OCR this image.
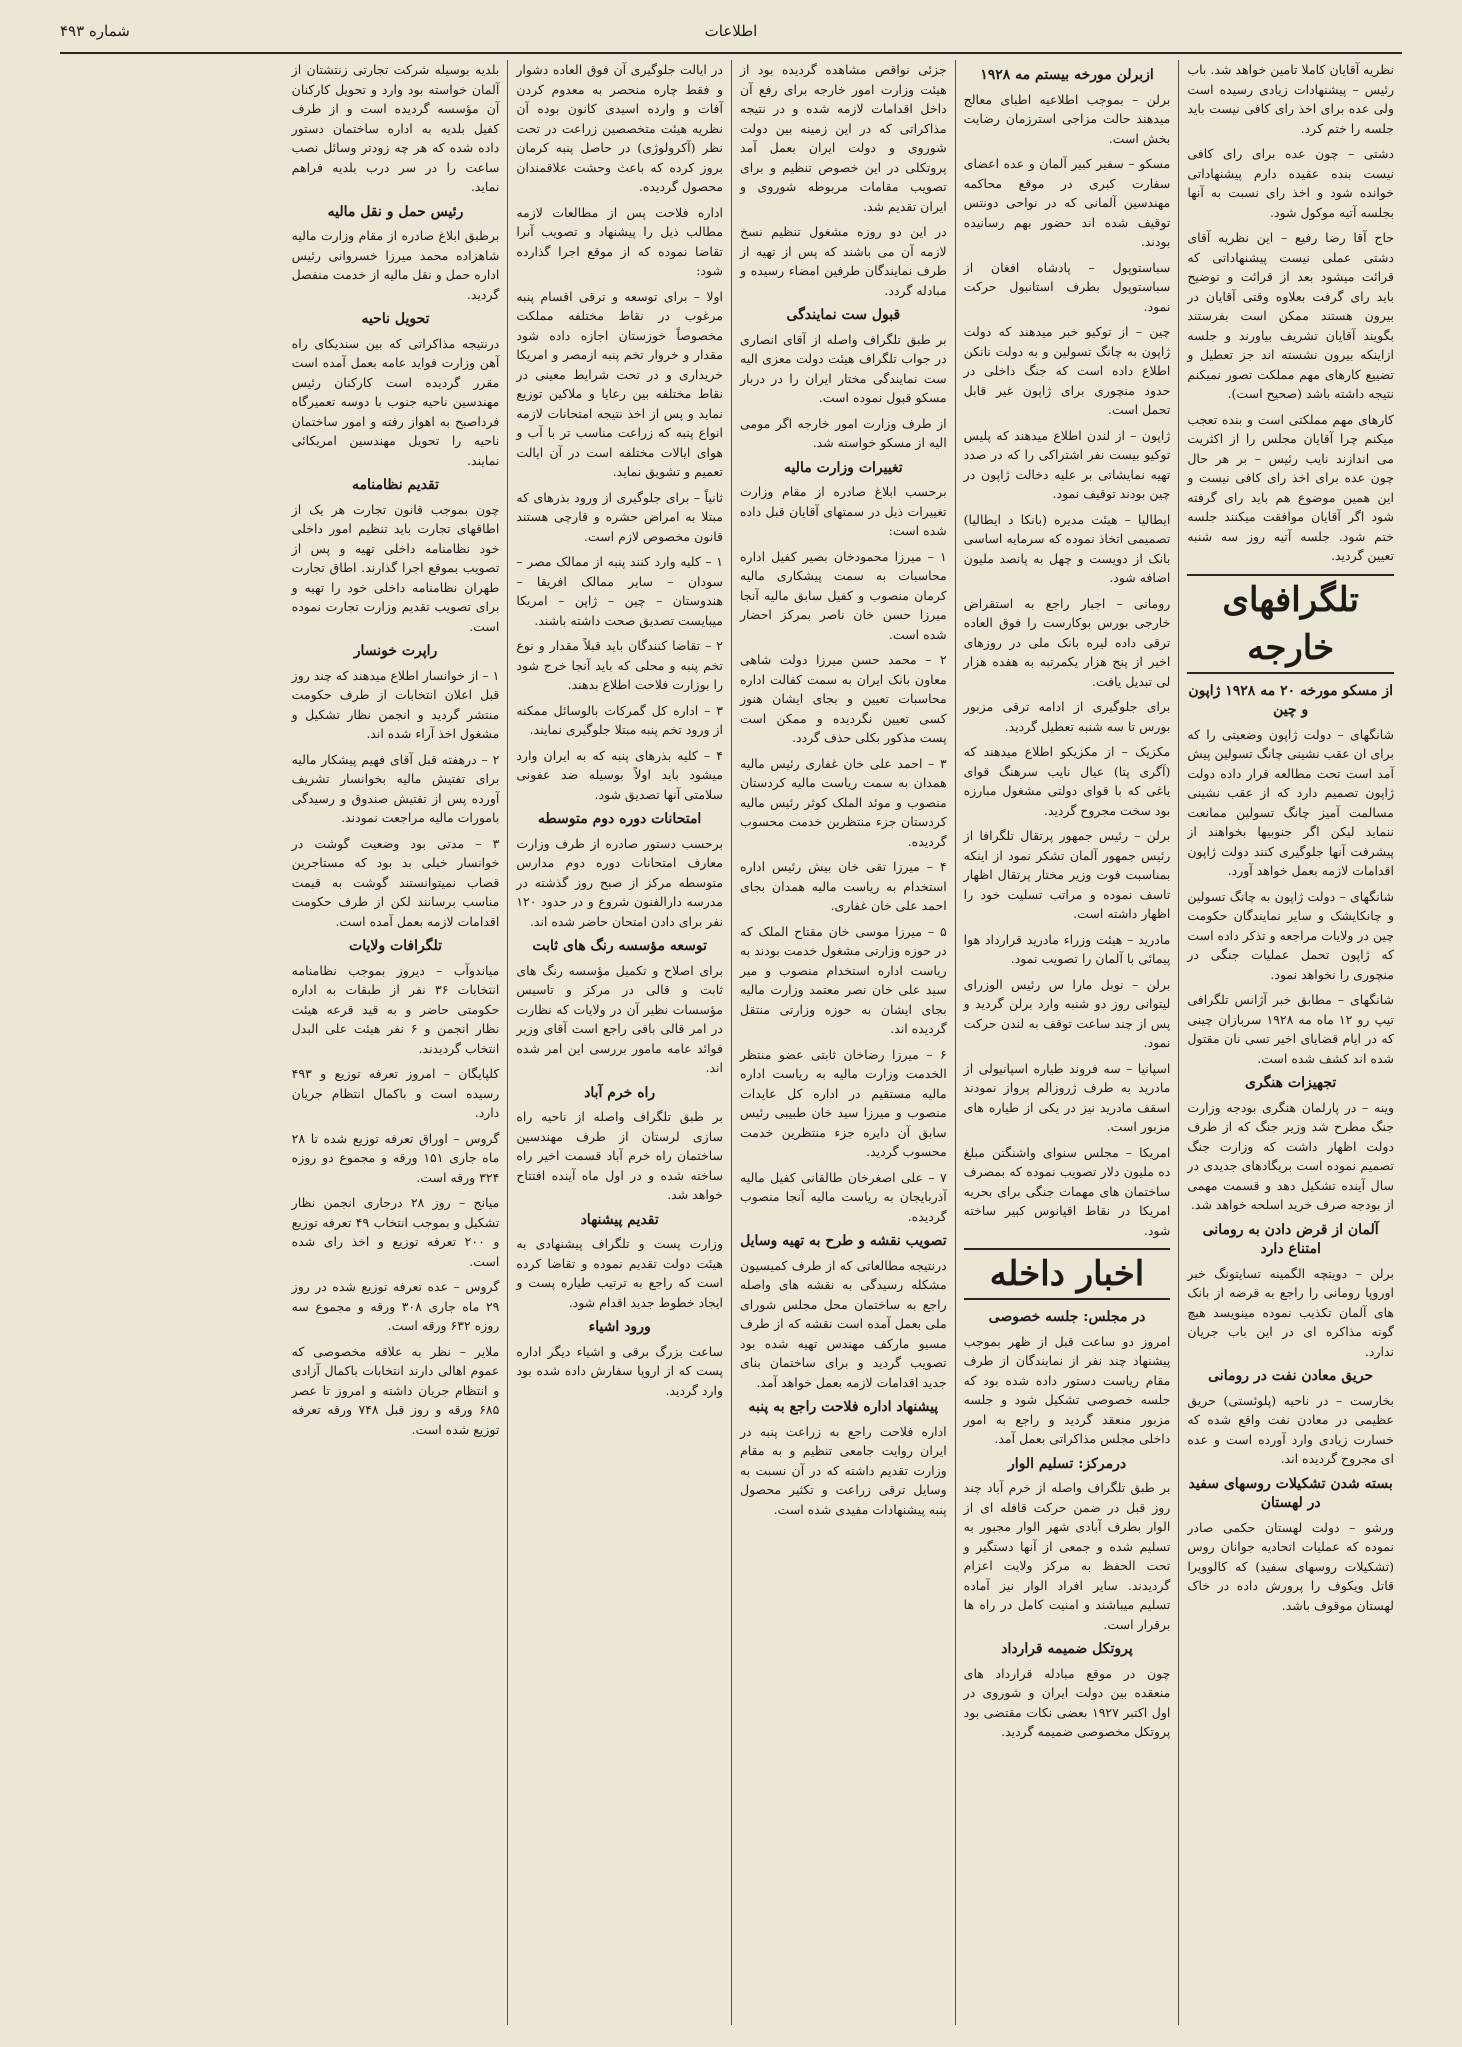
اطلاعات
شماره ۴۹۳

نظریه آقایان کاملا تامین خواهد شد. باب رئیس – پیشنهادات زیادی رسیده است ولی عده برای اخذ رای کافی نیست باید جلسه را ختم کرد.

دشتی – چون عده برای رای کافی نیست بنده عقیده دارم پیشنهاداتی خوانده شود و اخذ رای نسبت به آنها بجلسه آتیه موکول شود.

حاج آقا رضا رفیع – این نظریه آقای دشتی عملی نیست پیشنهاداتی که قرائت میشود بعد از قرائت و توضیح باید رای گرفت بعلاوه وقتی آقایان در بیرون هستند ممکن است بفرستند بگویند آقایان تشریف بیاورند و جلسه ازاینکه بیرون نشسته اند جز تعطیل و تضییع کارهای مهم مملکت تصور نمیکنم نتیجه داشته باشد (صحیح است).

کارهای مهم مملکتی است و بنده تعجب میکنم چرا آقایان مجلس را از اکثریت می اندازند نایب رئیس – بر هر حال چون عده برای اخذ رای کافی نیست و این همین موضوع هم باید رای گرفته شود اگر آقایان موافقت میکنند جلسه ختم شود. جلسه آتیه روز سه شنبه تعیین گردید.

تلگرافهای خارجه
از مسکو مورخه ۲۰ مه ۱۹۲۸ ژاپون و چین

شانگهای – دولت ژاپون وضعیتی را که برای ان عقب نشینی چانگ تسولین پیش آمد است تحت مطالعه قرار داده دولت ژاپون تصمیم دارد که از عقب نشینی مسالمت آمیز چانگ تسولین ممانعت ننماید لیکن اگر جنوبیها بخواهند از پیشرفت آنها جلوگیری کنند دولت ژاپون اقدامات لازمه بعمل خواهد آورد.

شانگهای – دولت ژاپون به چانگ تسولین و چانکایشک و سایر نمایندگان حکومت چین در ولایات مراجعه و تذکر داده است که ژاپون تحمل عملیات جنگی در منچوری را نخواهد نمود.

شانگهای – مطابق خبر آژانس تلگرافی تیپ رو ۱۲ ماه مه ۱۹۲۸ سربازان چینی که در ایام قضایای اخیر تسی نان مقتول شده اند کشف شده است.

تجهیزات هنگری

وینه – در پارلمان هنگری بودجه وزارت جنگ مطرح شد وزیر جنگ که از طرف دولت اظهار داشت که وزارت جنگ تصمیم نموده است بریگادهای جدیدی در سال آینده تشکیل دهد و قسمت مهمی از بودجه صرف خرید اسلحه خواهد شد.

آلمان از قرض دادن به رومانی امتناع دارد

برلن – دویتچه الگمینه تسایتونگ خبر اوروپا رومانی را راجع به قرضه از بانک های آلمان تکذیب نموده مینویسد هیچ گونه مذاکره ای در این باب جریان ندارد.

حریق معادن نفت در رومانی

بخارست – در ناحیه (پلوئستی) حریق عظیمی در معادن نفت واقع شده که خسارت زیادی وارد آورده است و عده ای مجروح گردیده اند.

بسته شدن تشکیلات روسهای سفید در لهستان

ورشو – دولت لهستان حکمی صادر نموده که عملیات اتحادیه جوانان روس (تشکیلات روسهای سفید) که کالوویرا قاتل ویکوف را پرورش داده در خاک لهستان موقوف باشد.

ازبرلن مورخه بیستم مه ۱۹۲۸

برلن – بموجب اطلاعیه اطبای معالج میدهند حالت مزاجی استرزمان رضایت بخش است.

مسکو – سفیر کبیر آلمان و عده اعضای سفارت کبری در موقع محاکمه مهندسین آلمانی که در نواحی دونتس توقیف شده اند حضور بهم رسانیده بودند.

سباستوپول – پادشاه افغان از سباستوپول بطرف استانبول حرکت نمود.

چین – از توکیو خبر میدهند که دولت ژاپون به چانگ تسولین و به دولت نانکن اطلاع داده است که جنگ داخلی در حدود منچوری برای ژاپون غیر قابل تحمل است.

ژاپون – از لندن اطلاع میدهند که پلیس توکیو بیست نفر اشتراکی را که در صدد تهیه نمایشاتی بر علیه دخالت ژاپون در چین بودند توقیف نمود.

ایطالیا – هیئت مدیره (بانکا د ایطالیا) تصمیمی اتخاذ نموده که سرمایه اساسی بانک از دویست و چهل به پانصد ملیون اضافه شود.

رومانی – اجبار راجع به استقراض خارجی بورس بوکارست را فوق العاده ترقی داده لیره بانک ملی در روزهای اخیر از پنج هزار یکمرتبه به هفده هزار لی تبدیل یافت.

برای جلوگیری از ادامه ترقی مزبور بورس تا سه شنبه تعطیل گردید.

مکزیک – از مکزیکو اطلاع میدهند که (آگری پتا) عیال نایب سرهنگ قوای یاغی که با قوای دولتی مشغول مبارزه بود سخت مجروح گردید.

برلن – رئیس جمهور پرتقال تلگرافا از رئیس جمهور آلمان تشکر نمود از اینکه بمناسبت فوت وزیر مختار پرتقال اظهار تاسف نموده و مراتب تسلیت خود را اظهار داشته است.

مادرید – هیئت وزراء مادرید قرارداد هوا پیمائی با آلمان را تصویب نمود.

برلن – نوبل مارا س رئیس الوزرای لیتوانی روز دو شنبه وارد برلن گردید و پس از چند ساعت توقف به لندن حرکت نمود.

اسپانیا – سه فروند طیاره اسپانیولی از مادرید به طرف ژروزالم پرواز نمودند اسقف مادرید نیز در یکی از طیاره های مزبور است.

امریکا – مجلس سنوای واشنگتن مبلغ ده ملیون دلار تصویب نموده که بمصرف ساختمان های مهمات جنگی برای بحریه امریکا در نقاط اقیانوس کبیر ساخته شود.

اخبار داخله
در مجلس: جلسه خصوصی

امروز دو ساعت قبل از ظهر بموجب پیشنهاد چند نفر از نمایندگان از طرف مقام ریاست دستور داده شده بود که جلسه خصوصی تشکیل شود و جلسه مزبور منعقد گردید و راجع به امور داخلی مجلس مذاکراتی بعمل آمد.

درمرکز: تسلیم الوار

بر طبق تلگراف واصله از خرم آباد چند روز قبل در ضمن حرکت قافله ای از الوار بطرف آبادی شهر الوار مجبور به تسلیم شده و جمعی از آنها دستگیر و تحت الحفظ به مرکز ولایت اعزام گردیدند. سایر افراد الوار نیز آماده تسلیم میباشند و امنیت کامل در راه ها برقرار است.

پروتکل ضمیمه قرارداد

چون در موقع مبادله قرارداد های منعقده بین دولت ایران و شوروی در اول اکتبر ۱۹۲۷ بعضی نکات مقتضی بود پروتکل مخصوصی ضمیمه گردید.

جزئی نواقص مشاهده گردیده بود از هیئت وزارت امور خارجه برای رفع آن داخل اقدامات لازمه شده و در نتیجه مذاکراتی که در این زمینه بین دولت شوروی و دولت ایران بعمل آمد پروتکلی در این خصوص تنظیم و برای تصویب مقامات مربوطه شوروی و ایران تقدیم شد.

در این دو روزه مشغول تنظیم نسخ لازمه آن می باشند که پس از تهیه از طرف نمایندگان طرفین امضاء رسیده و مبادله گردد.

قبول ست نمایندگی

بر طبق تلگراف واصله از آقای انصاری در جواب تلگراف هیئت دولت معزی الیه ست نمایندگی مختار ایران را در دربار مسکو قبول نموده است.

از طرف وزارت امور خارجه اگر مومی الیه از مسکو خواسته شد.

تغییرات وزارت مالیه

برحسب ابلاغ صادره از مقام وزارت تغییرات ذیل در سمتهای آقایان قبل داده شده است:

۱ – میرزا محمودخان بصیر کفیل اداره محاسبات به سمت پیشکاری مالیه کرمان منصوب و کفیل سابق مالیه آنجا میرزا حسن خان ناصر بمرکز احضار شده است.

۲ – محمد حسن میرزا دولت شاهی معاون بانک ایران به سمت کفالت اداره محاسبات تعیین و بجای ایشان هنوز کسی تعیین نگردیده و ممکن است پست مذکور بکلی حذف گردد.

۳ – احمد علی خان غفاری رئیس مالیه همدان به سمت ریاست مالیه کردستان منصوب و موئد الملک کوثر رئیس مالیه کردستان جزء منتظرین خدمت محسوب گردیده.

۴ – میرزا تقی خان بیش رئیس اداره استخدام به ریاست مالیه همدان بجای احمد علی خان غفاری.

۵ – میرزا موسی خان مقتاح الملک که در حوزه وزارتی مشغول خدمت بودند به ریاست اداره استخدام منصوب و میر سید علی خان نصر معتمد وزارت مالیه بجای ایشان به حوزه وزارتی منتقل گردیده اند.

۶ – میرزا رضاخان ثابتی عضو منتظر الخدمت وزارت مالیه به ریاست اداره مالیه مستقیم در اداره کل عایدات منصوب و میرزا سید خان طبیبی رئیس سابق آن دایره جزء منتظرین خدمت محسوب گردید.

۷ – علی اصغرخان طالقانی کفیل مالیه آذربایجان به ریاست مالیه آنجا منصوب گردیده.

تصویب نقشه و طرح به تهیه وسایل

درنتیجه مطالعاتی که از طرف کمیسیون مشکله رسیدگی به نقشه های واصله راجع به ساختمان محل مجلس شورای ملی بعمل آمده است نقشه که از طرف مسیو مارکف مهندس تهیه شده بود تصویب گردید و برای ساختمان بنای جدید اقدامات لازمه بعمل خواهد آمد.

پیشنهاد اداره فلاحت راجع به پنبه

اداره فلاحت راجع به زراعت پنبه در ایران روایت جامعی تنظیم و به مقام وزارت تقدیم داشته که در آن نسبت به وسایل ترقی زراعت و تکثیر محصول پنبه پیشنهادات مفیدی شده است.

در ایالت جلوگیری آن فوق العاده دشوار و فقط چاره منحصر به معدوم کردن آفات و وارده اسیدی کانون بوده آن نظریه هیئت متخصصین زراعت در تحت نظر (آکرولوژی) در حاصل پنبه کرمان بروز کرده که باعث وحشت علاقمندان محصول گردیده.

اداره فلاحت پس از مطالعات لازمه مطالب ذیل را پیشنهاد و تصویب آنرا تقاضا نموده که از موقع اجرا گذارده شود:

اولا – برای توسعه و ترقی اقسام پنبه مرغوب در نقاط مختلفه مملکت مخصوصاً خوزستان اجازه داده شود مقدار و خروار تخم پنبه ازمصر و امریکا خریداری و در تحت شرایط معینی در نقاط مختلفه بین رعایا و ملاکین توزیع نماید و پس از اخذ نتیجه امتحانات لازمه انواع پنبه که زراعت مناسب تر با آب و هوای ایالات مختلفه است در آن ایالت تعمیم و تشویق نماید.

ثانیاً – برای جلوگیری از ورود بذرهای که مبتلا به امراض حشره و قارچی هستند قانون مخصوص لازم است.

۱ – کلیه وارد کنند پنبه از ممالک مصر – سودان – سایر ممالک افریقا – هندوستان – چین – ژاپن – امریکا میبایست تصدیق صحت داشته باشند.

۲ – تقاضا کنندگان باید قبلاً مقدار و نوع تخم پنبه و محلی که باید آنجا خرج شود را بوزارت فلاحت اطلاع بدهند.

۳ – اداره کل گمرکات بالوسائل ممکنه از ورود تخم پنبه مبتلا جلوگیری نمایند.

۴ – کلیه بذرهای پنبه که به ایران وارد میشود باید اولاً بوسیله ضد عفونی سلامتی آنها تصدیق شود.

امتحانات دوره دوم متوسطه

برحسب دستور صادره از طرف وزارت معارف امتحانات دوره دوم مدارس متوسطه مرکز از صبح روز گذشته در مدرسه دارالفنون شروع و در حدود ۱۲۰ نفر برای دادن امتحان حاضر شده اند.

توسعه مؤسسه رنگ های ثابت

برای اصلاح و تکمیل مؤسسه رنگ های ثابت و قالی در مرکز و تاسیس مؤسسات نظیر آن در ولایات که نظارت در امر قالی بافی راجع است آقای وزیر فوائد عامه مامور بررسی این امر شده اند.

راه خرم آباد

بر طبق تلگراف واصله از ناحیه راه سازی لرستان از طرف مهندسین ساختمان راه خرم آباد قسمت اخیر راه ساخته شده و در اول ماه آینده افتتاح خواهد شد.

تقدیم پیشنهاد

وزارت پست و تلگراف پیشنهادی به هیئت دولت تقدیم نموده و تقاضا کرده است که راجع به ترتیب طیاره پست و ایجاد خطوط جدید اقدام شود.

ورود اشیاء

ساعت بزرگ برقی و اشیاء دیگر اداره پست که از اروپا سفارش داده شده بود وارد گردید.

بلدیه بوسیله شرکت تجارتی زنتشتان از آلمان خواسته بود وارد و تحویل کارکنان آن مؤسسه گردیده است و از طرف کفیل بلدیه به اداره ساختمان دستور داده شده که هر چه زودتر وسائل نصب ساعت را در سر درب بلدیه فراهم نماید.

رئیس حمل و نقل مالیه

برطبق ابلاغ صادره از مقام وزارت مالیه شاهزاده محمد میرزا خسروانی رئیس اداره حمل و نقل مالیه از خدمت منفصل گردید.

تحویل ناحیه

درنتیجه مذاکراتی که بین سندیکای راه آهن وزارت فواید عامه بعمل آمده است مقرر گردیده است کارکنان رئیس مهندسین ناحیه جنوب با دوسه تعمیرگاه فرداصبح به اهواز رفته و امور ساختمان ناحیه را تحویل مهندسین امریکائی نمایند.

تقدیم نظامنامه

چون بموجب قانون تجارت هر یک از اطاقهای تجارت باید تنظیم امور داخلی خود نظامنامه داخلی تهیه و پس از تصویب بموقع اجرا گذارند. اطاق تجارت طهران نظامنامه داخلی خود را تهیه و برای تصویب تقدیم وزارت تجارت نموده است.

راپرت خونسار

۱ – از خوانسار اطلاع میدهند که چند روز قبل اعلان انتخابات از طرف حکومت منتشر گردید و انجمن نظار تشکیل و مشغول اخذ آراء شده اند.

۲ – درهفته قبل آقای فهیم پیشکار مالیه برای تفتیش مالیه بخوانسار تشریف آورده پس از تفتیش صندوق و رسیدگی بامورات مالیه مراجعت نمودند.

۳ – مدتی بود وضعیت گوشت در خوانسار خیلی بد بود که مستاجرین قصاب نمیتوانستند گوشت به قیمت مناسب برسانند لکن از طرف حکومت اقدامات لازمه بعمل آمده است.

تلگرافات ولایات

میاندوآب – دیروز بموجب نظامنامه انتخابات ۳۶ نفر از طبقات به اداره حکومتی حاضر و به قید قرعه هیئت نظار انجمن و ۶ نفر هیئت علی البدل انتخاب گردیدند.

کلپایگان – امروز تعرفه توزیع و ۴۹۳ رسیده است و باکمال انتظام جریان دارد.

گروس – اوراق تعرفه توزیع شده تا ۲۸ ماه جاری ۱۵۱ ورقه و مجموع دو روزه ۳۲۴ ورقه است.

میانج – روز ۲۸ درجاری انجمن نظار تشکیل و بموجب انتخاب ۴۹ تعرفه توزیع و ۲۰۰ تعرفه توزیع و اخذ رای شده است.

گروس – عده تعرفه توزیع شده در روز ۲۹ ماه جاری ۳۰۸ ورقه و مجموع سه روزه ۶۳۲ ورقه است.

ملایر – نظر به علاقه مخصوصی که عموم اهالی دارند انتخابات باکمال آزادی و انتظام جریان داشته و امروز تا عصر ۶۸۵ ورقه و روز قبل ۷۴۸ ورقه تعرفه توزیع شده است.
